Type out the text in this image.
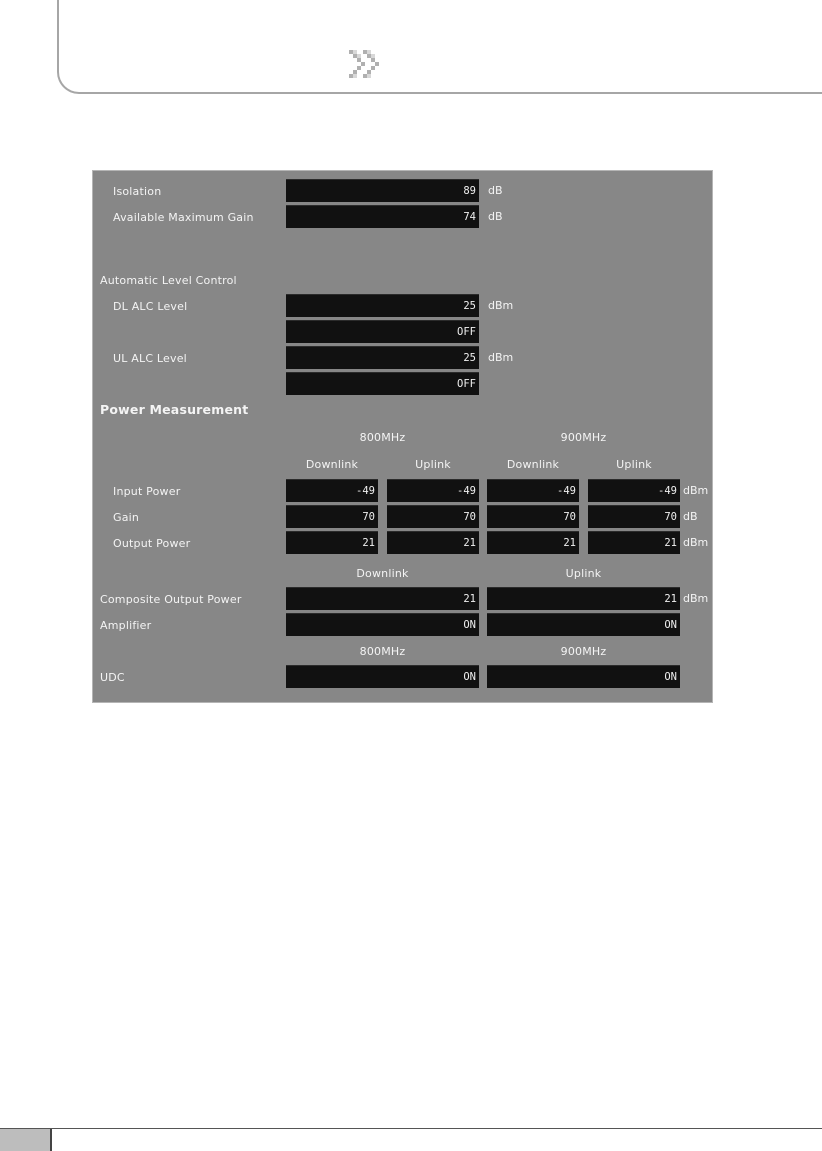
Isolation	89 dB
Available Maximum Gain	74 dB
Automatic Level Control
DL ALC Level	25 dBm
OFF
UL ALC Level	25 dBm
OFF
Power Measurement
800MHz	900MHz
Downlink	Uplink	Downlink	Uplink
Input Power	-49	-49	-49	-49 dBm
Gain	70	70	70	70 dB
Output Power	21	21	21	21 dBm
Downlink	Uplink
Composite Output Power	21	21 dBm
Amplifier	ON	ON
800MHz	900MHz
UDC	ON	ON
